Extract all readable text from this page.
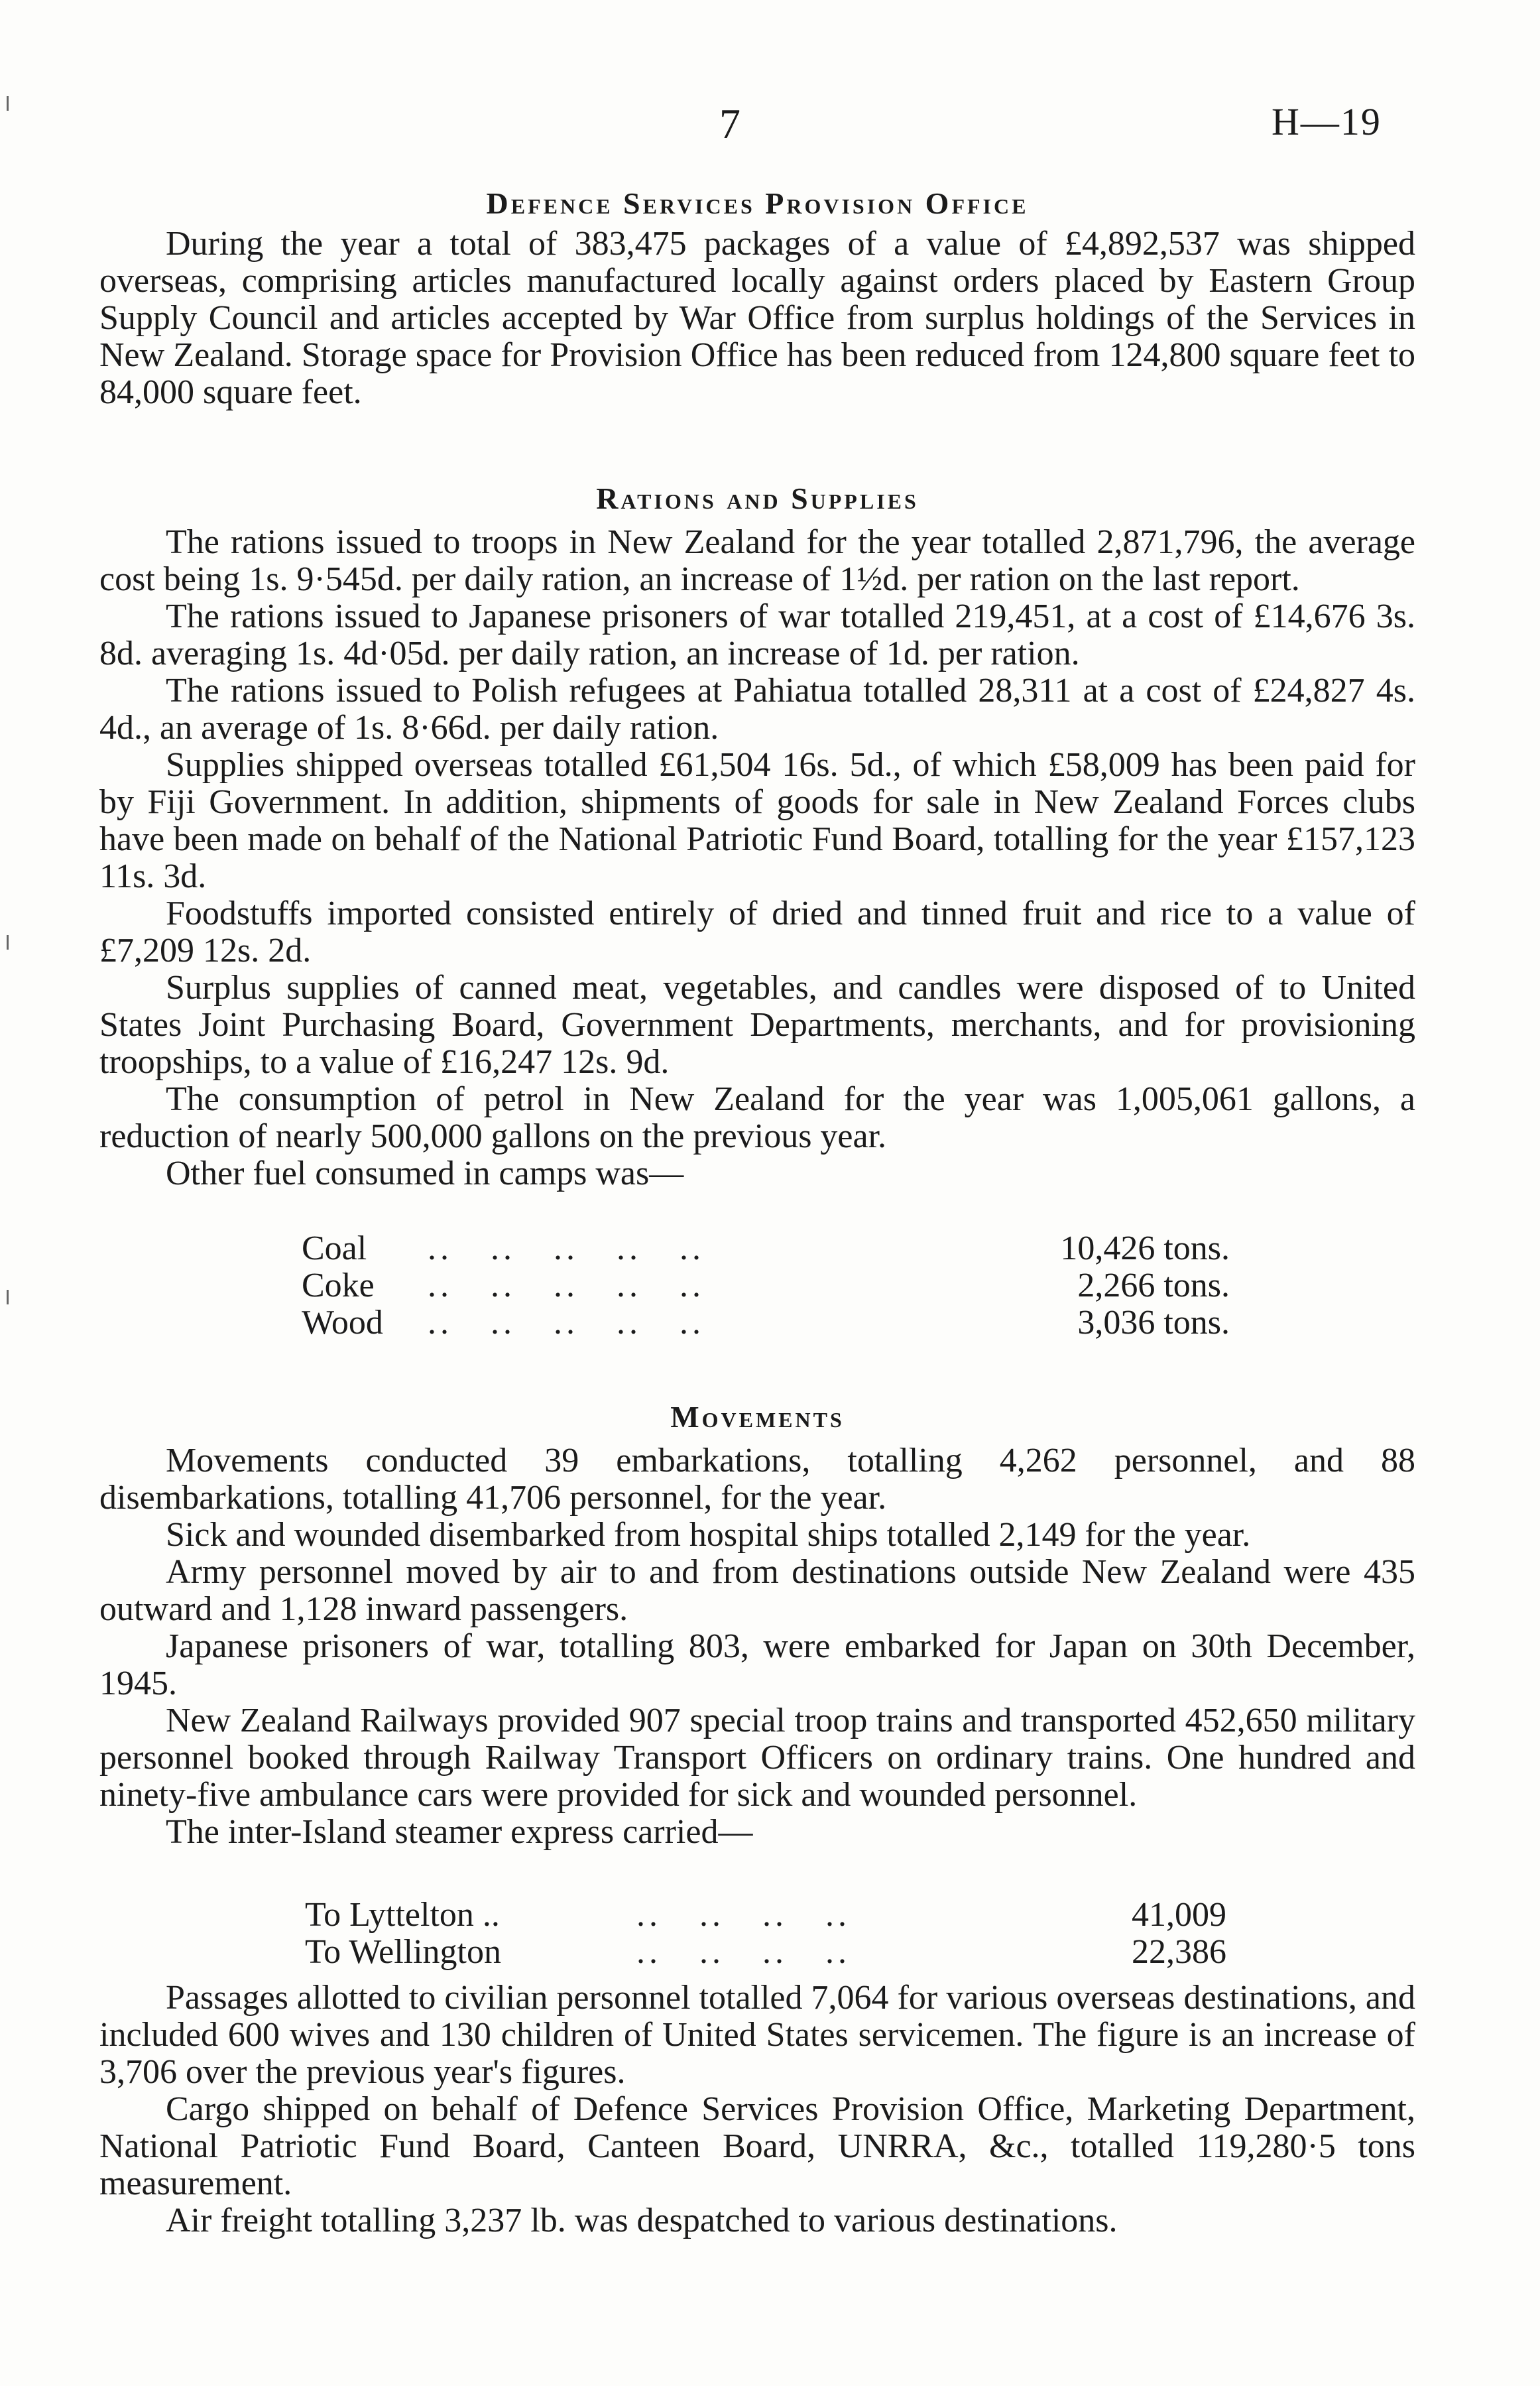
7	H—19
Defence Services Provision Office

During the year a total of 383,475 packages of a value of £4,892,537 was shipped overseas, comprising articles manufactured locally against orders placed by Eastern Group Supply Council and articles accepted by War Office from surplus holdings of the Services in New Zealand. Storage space for Provision Office has been reduced from 124,800 square feet to 84,000 square feet.

Rations and Supplies

The rations issued to troops in New Zealand for the year totalled 2,871,796, the average cost being 1s. 9·545d. per daily ration, an increase of 1½d. per ration on the last report.

The rations issued to Japanese prisoners of war totalled 219,451, at a cost of £14,676 3s. 8d. averaging 1s. 4d·05d. per daily ration, an increase of 1d. per ration.

The rations issued to Polish refugees at Pahiatua totalled 28,311 at a cost of £24,827 4s. 4d., an average of 1s. 8·66d. per daily ration.

Supplies shipped overseas totalled £61,504 16s. 5d., of which £58,009 has been paid for by Fiji Government. In addition, shipments of goods for sale in New Zealand Forces clubs have been made on behalf of the National Patriotic Fund Board, totalling for the year £157,123 11s. 3d.

Foodstuffs imported consisted entirely of dried and tinned fruit and rice to a value of £7,209 12s. 2d.

Surplus supplies of canned meat, vegetables, and candles were disposed of to United States Joint Purchasing Board, Government Departments, merchants, and for provisioning troopships, to a value of £16,247 12s. 9d.

The consumption of petrol in New Zealand for the year was 1,005,061 gallons, a reduction of nearly 500,000 gallons on the previous year.

Other fuel consumed in camps was—

Coal ..   ..   ..   ..   ..	10,426 tons.
Coke ..   ..   ..   ..   ..	2,266 tons.
Wood ..   ..   ..   ..   ..	3,036 tons.
Movements

Movements conducted 39 embarkations, totalling 4,262 personnel, and 88 disembarkations, totalling 41,706 personnel, for the year.

Sick and wounded disembarked from hospital ships totalled 2,149 for the year.

Army personnel moved by air to and from destinations outside New Zealand were 435 outward and 1,128 inward passengers.

Japanese prisoners of war, totalling 803, were embarked for Japan on 30th December, 1945.

New Zealand Railways provided 907 special troop trains and transported 452,650 military personnel booked through Railway Transport Officers on ordinary trains. One hundred and ninety-five ambulance cars were provided for sick and wounded personnel.

The inter-Island steamer express carried—

To Lyttelton ..	..   ..   ..   ..	41,009
To Wellington	..   ..   ..   ..	22,386

Passages allotted to civilian personnel totalled 7,064 for various overseas destinations, and included 600 wives and 130 children of United States servicemen. The figure is an increase of 3,706 over the previous year's figures.

Cargo shipped on behalf of Defence Services Provision Office, Marketing Department, National Patriotic Fund Board, Canteen Board, UNRRA, &c., totalled 119,280·5 tons measurement.

Air freight totalling 3,237 lb. was despatched to various destinations.
